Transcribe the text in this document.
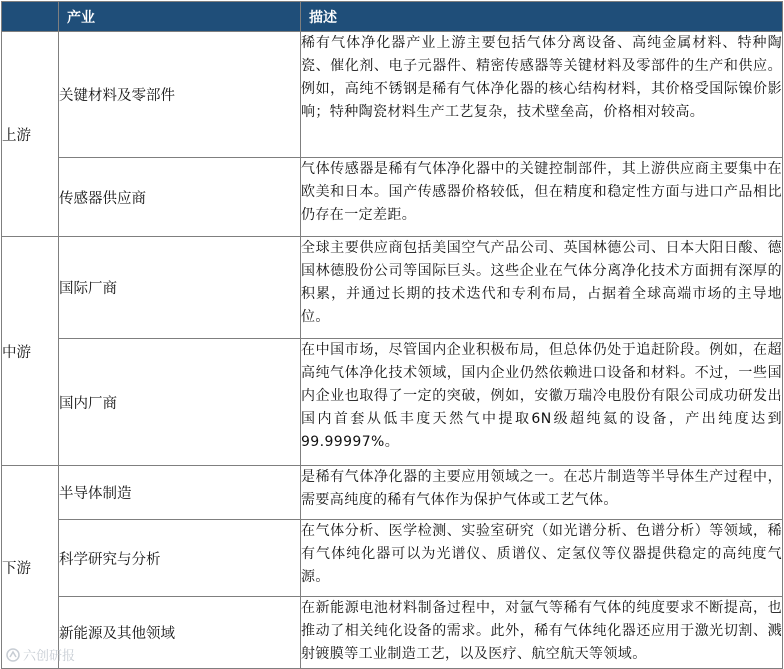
	产业	描述
上游	关键材料及零部件	稀有气体净化器产业上游主要包括气体分离设备、高纯金属材料、特种陶瓷、催化剂、电子元器件、精密传感器等关键材料及零部件的生产和供应。例如，高纯不锈钢是稀有气体净化器的核心结构材料，其价格受国际镍价影响；特种陶瓷材料生产工艺复杂，技术壁垒高，价格相对较高。
	传感器供应商	气体传感器是稀有气体净化器中的关键控制部件，其上游供应商主要集中在欧美和日本。国产传感器价格较低，但在精度和稳定性方面与进口产品相比仍存在一定差距。
中游	国际厂商	全球主要供应商包括美国空气产品公司、英国林德公司、日本大阳日酸、德国林德股份公司等国际巨头。这些企业在气体分离净化技术方面拥有深厚的积累，并通过长期的技术迭代和专利布局，占据着全球高端市场的主导地位。
	国内厂商	在中国市场，尽管国内企业积极布局，但总体仍处于追赶阶段。例如，在超高纯气体净化技术领域，国内企业仍然依赖进口设备和材料。不过，一些国内企业也取得了一定的突破，例如，安徽万瑞冷电股份有限公司成功研发出国内首套从低丰度天然气中提取6N级超纯氦的设备，产出纯度达到99.99997%。
下游	半导体制造	是稀有气体净化器的主要应用领域之一。在芯片制造等半导体生产过程中，需要高纯度的稀有气体作为保护气体或工艺气体。
	科学研究与分析	在气体分析、医学检测、实验室研究（如光谱分析、色谱分析）等领域，稀有气体纯化器可以为光谱仪、质谱仪、定氢仪等仪器提供稳定的高纯度气源。
	新能源及其他领域	在新能源电池材料制备过程中，对氩气等稀有气体的纯度要求不断提高，也推动了相关纯化设备的需求。此外，稀有气体纯化器还应用于激光切割、溅射镀膜等工业制造工艺，以及医疗、航空航天等领域。
六创研报
